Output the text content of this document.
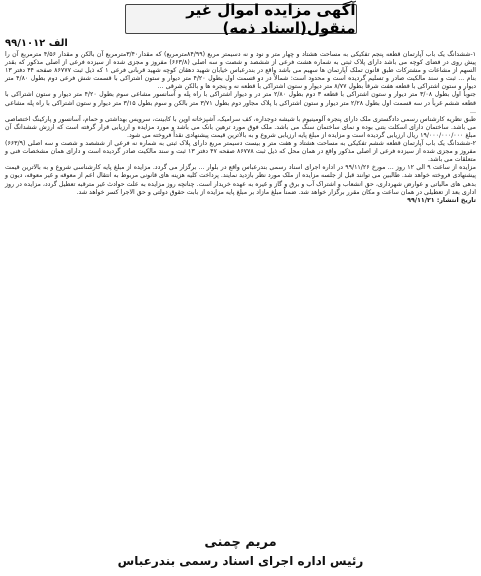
آگهی مزایده اموال غیر منقول(اسناد ذمه)
۹۹/۱۰۱۲ الف

۱-ششدانگ یک باب آپارتمان قطعه پنجم تفکیکی به مساحت هشتاد و چهار متر و نود و نه دسیمتر مربع (۸۴/۹۹مترمربع) که مقدار۳/۴۰مترمربع آن بالکن و مقدار ۴/۵۶ مترمربع آن را پیش روی در فضای کوچه می باشد دارای پلاک ثبتی به شماره هشت فرعی از ششصد و شصت و سه اصلی (۶۶۳/۸) مفروز و مجزی شده از سیزده فرعی از اصلی مذکور که بقدر السهم از مشاعات و مشترکات طبق قانون تملک آپارتمان ها سهیم می باشد واقع در بندرعباس خیابان شهید دهقان کوچه شهید قربانی فرعی ۱ که ذیل ثبت ۸۶۷۷۷ صفحه ۴۴ دفتر ۱۳ بنام ... ثبت و سند مالکیت صادر و تسلیم گردیده است و محدود است: شمالاً در دو قسمت اول بطول ۴/۲۰ متر دیوار و ستون اشتراکی با قسمت شش فرعی دوم بطول ۴/۸۰ متر دیوار و ستون اشتراکی با قطعه هفت شرقاً بطول ۸/۷۷ متر دیوار و ستون اشتراکی با قطعه نه و پنجره ها و بالکن شرقی ...

جنوباً اول بطول ۳/۰۸ متر دیوار و ستون اشتراکی با قطعه ۳ دوم بطول ۲/۸۰ متر در و دیوار اشتراکی با راه پله و آسانسور مشاعی سوم بطول ۴/۲۰ متر دیوار و ستون اشتراکی با قطعه ششم غرباً در سه قسمت اول بطول ۲/۲۸ متر دیوار و ستون اشتراکی با پلاک مجاور دوم بطول ۳/۷۱ متر بالکن و سوم بطول ۳/۱۵ متر دیوار و ستون اشتراکی با راه پله مشاعی ...

طبق نظریه کارشناس رسمی دادگستری ملک دارای پنجره آلومینیوم با شیشه دوجداره، کف سرامیک، آشپزخانه اوپن با کابینت، سرویس بهداشتی و حمام، آسانسور و پارکینگ اختصاصی می باشد. ساختمان دارای اسکلت بتنی بوده و نمای ساختمان سنگ می باشد. ملک فوق مورد ترهین بانک می باشد و مورد مزایده و ارزیابی قرار گرفته است که ارزش ششدانگ آن مبلغ ۱۹/۰۰۰/۰۰۰/۰۰۰ ریال ارزیابی گردیده است و مزایده از مبلغ پایه ارزیابی شروع و به بالاترین قیمت پیشنهادی نقداً فروخته می شود.

۲-ششدانگ یک باب آپارتمان قطعه ششم تفکیکی به مساحت هشتاد و هفت متر و بیست دسیمتر مربع دارای پلاک ثبتی به شماره نه فرعی از ششصد و شصت و سه اصلی (۶۶۳/۹) مفروز و مجزی شده از سیزده فرعی از اصلی مذکور واقع در همان محل که ذیل ثبت ۸۶۷۷۸ صفحه ۴۷ دفتر ۱۳ ثبت و سند مالکیت صادر گردیده است و دارای همان مشخصات فنی و متعلقات می باشد.

مزایده از ساعت ۹ الی ۱۲ روز ... مورخ ۹۹/۱۱/۲۶ در اداره اجرای اسناد رسمی بندرعباس واقع در بلوار ... برگزار می گردد. مزایده از مبلغ پایه کارشناسی شروع و به بالاترین قیمت پیشنهادی فروخته خواهد شد. طالبین می توانند قبل از جلسه مزایده از ملک مورد نظر بازدید نمایند. پرداخت کلیه هزینه های قانونی مربوط به انتقال اعم از معوقه و غیر معوقه، دیون و بدهی های مالیاتی و عوارض شهرداری، حق انشعاب و اشتراک آب و برق و گاز و غیره به عهده خریدار است. چنانچه روز مزایده به علت حوادث غیر مترقبه تعطیل گردد، مزایده در روز اداری بعد از تعطیلی در همان ساعت و مکان مقرر برگزار خواهد شد. ضمناً مبلغ مازاد بر مبلغ پایه مزایده از بابت حقوق دولتی و حق الاجرا کسر خواهد شد.

تاریخ انتشار: ۹۹/۱۱/۲۱

مریم چمنی
رئیس اداره اجرای اسناد رسمی بندرعباس
